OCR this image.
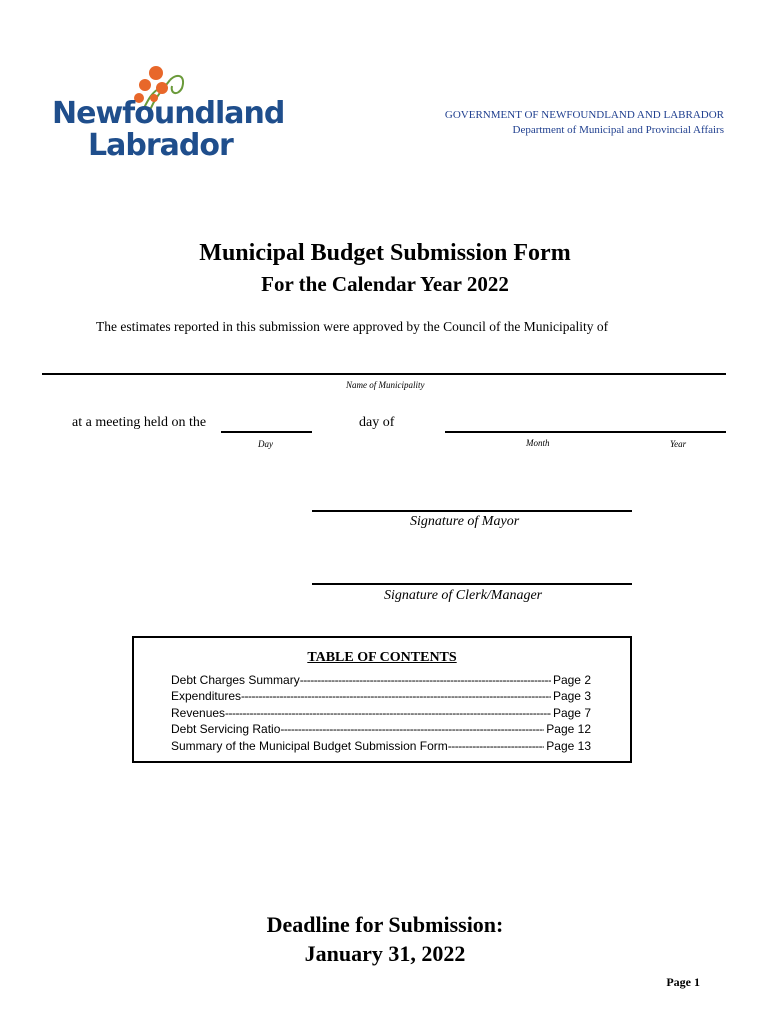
Newfoundland
Labrador
GOVERNMENT OF NEWFOUNDLAND AND LABRADOR
Department of Municipal and Provincial Affairs
Municipal Budget Submission Form
For the Calendar Year 2022
The estimates reported in this submission were approved by the Council of the Municipality of
Name of Municipality
at a meeting held on the	day of
Day	Month	Year
Signature of Mayor
Signature of Clerk/Manager
TABLE OF CONTENTS
Debt Charges Summary -----	Page 2
Expenditures -----	Page 3
Revenues -----	Page 7
Debt Servicing Ratio -----	Page 12
Summary of the Municipal Budget Submission Form -----	Page 13
Deadline for Submission:
January 31, 2022
Page 1
